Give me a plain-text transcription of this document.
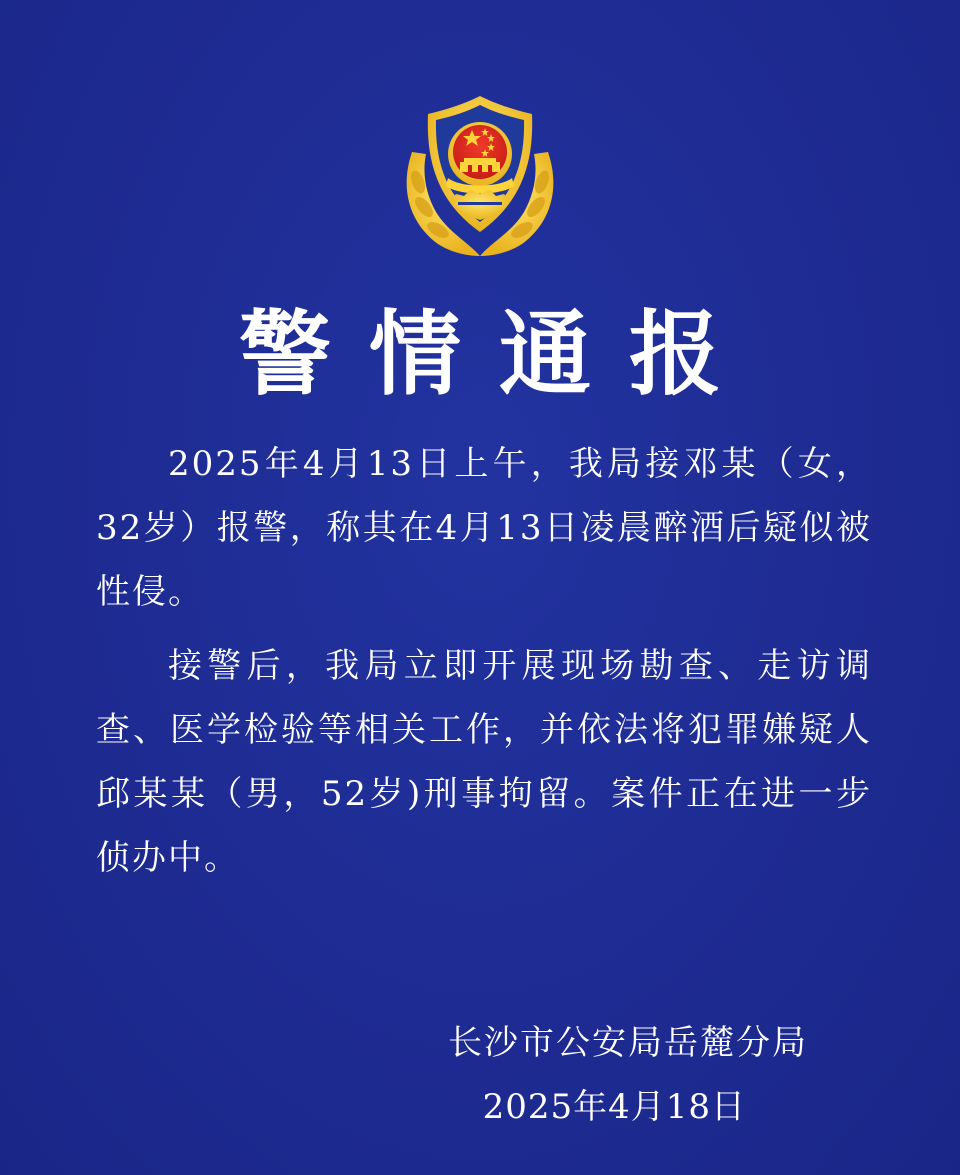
警情通报

2025年4月13日上午，我局接邓某（女，32岁）报警，称其在4月13日凌晨醉酒后疑似被性侵。

接警后，我局立即开展现场勘查、走访调查、医学检验等相关工作，并依法将犯罪嫌疑人邱某某（男，52岁)刑事拘留。案件正在进一步侦办中。

长沙市公安局岳麓分局
2025年4月18日
